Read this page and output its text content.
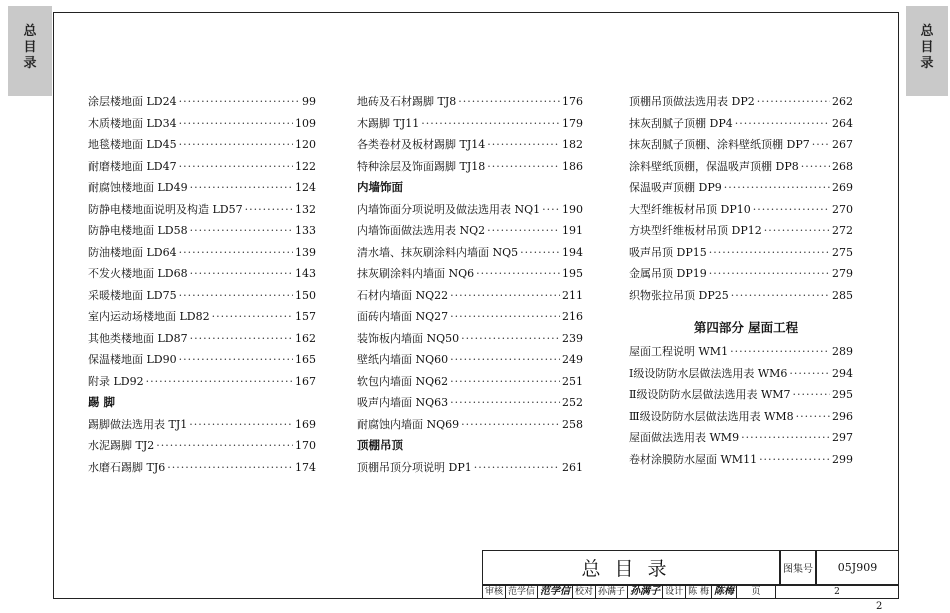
总目录
总目录
涂层楼地面 LD24 ·····	99
木质楼地面 LD34 ·····	109
地毯楼地面 LD45 ·····	120
耐磨楼地面 LD47 ·····	122
耐腐蚀楼地面 LD49 ·····	124
防静电楼地面说明及构造 LD57 ·····	132
防静电楼地面 LD58 ·····	133
防油楼地面 LD64 ·····	139
不发火楼地面 LD68 ·····	143
采暖楼地面 LD75 ·····	150
室内运动场楼地面 LD82 ·····	157
其他类楼地面 LD87 ·····	162
保温楼地面 LD90 ·····	165
附录 LD92 ·····	167
踢 脚
踢脚做法选用表 TJ1 ·····	169
水泥踢脚 TJ2 ·····	170
水磨石踢脚 TJ6 ·····	174
地砖及石材踢脚 TJ8 ·····	176
木踢脚 TJ11 ·····	179
各类卷材及板材踢脚 TJ14 ·····	182
特种涂层及饰面踢脚 TJ18 ·····	186
内墙饰面
内墙饰面分项说明及做法选用表 NQ1 ····· 190
内墙饰面做法选用表 NQ2 ·····	191
清水墙、抹灰刷涂料内墙面 NQ5 ·····	194
抹灰刷涂料内墙面 NQ6 ·····	195
石材内墙面 NQ22 ·····	211
面砖内墙面 NQ27 ·····	216
装饰板内墙面 NQ50 ·····	239
壁纸内墙面 NQ60 ·····	249
软包内墙面 NQ62 ·····	251
吸声内墙面 NQ63 ·····	252
耐腐蚀内墙面 NQ69 ·····	258
顶棚吊顶
顶棚吊顶分项说明 DP1 ·····	261
顶棚吊顶做法选用表 DP2 ·····	262
抹灰刮腻子顶棚 DP4 ·····	264
抹灰刮腻子顶棚、涂料壁纸顶棚 DP7 ····· 267
涂料壁纸顶棚，保温吸声顶棚 DP8 ·····	268
保温吸声顶棚 DP9 ·····	269
大型纤维板材吊顶 DP10 ·····	270
方块型纤维板材吊顶 DP12 ·····	272
吸声吊顶 DP15 ·····	275
金属吊顶 DP19 ·····	279
织物张拉吊顶 DP25 ·····	285
第四部分 屋面工程
屋面工程说明 WM1 ·····	289
Ⅰ级设防防水层做法选用表 WM6 ·····	294
Ⅱ级设防防水层做法选用表 WM7 ·····	295
Ⅲ级设防防水层做法选用表 WM8 ·····	296
屋面做法选用表 WM9 ·····	297
卷材涂膜防水屋面 WM11 ·····	299
总目录	图集号	05J909
审核 范学信 范学信 校对 孙满子 孙满子 设计 陈 梅 陈梅	页	2
2
